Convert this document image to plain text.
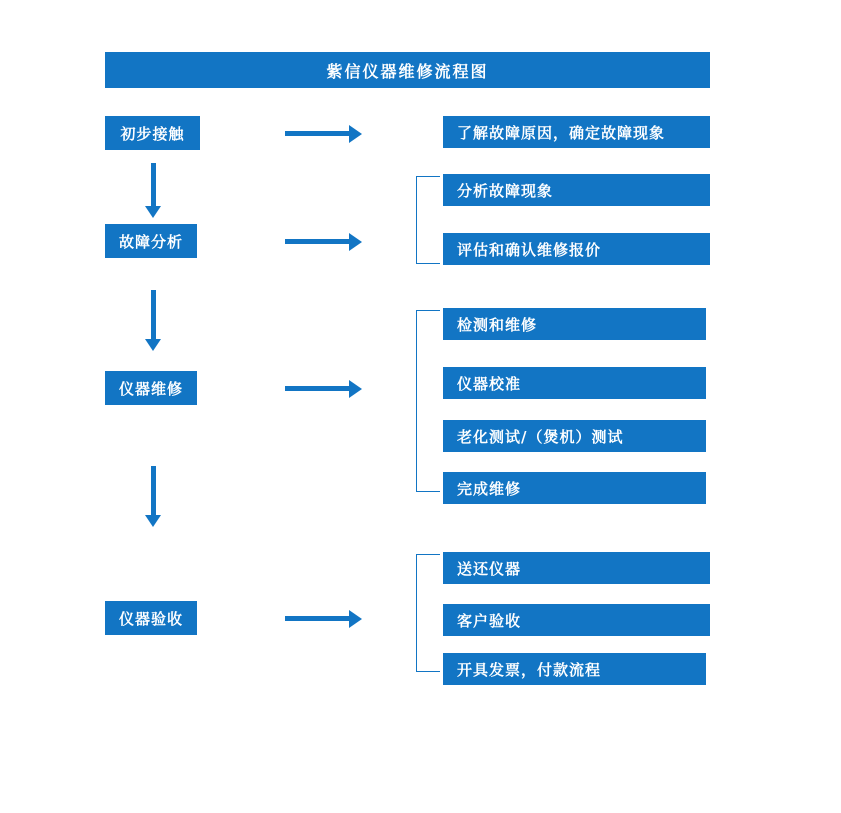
紫信仪器维修流程图
初步接触	了解故障原因，确定故障现象
故障分析
分析故障现象
评估和确认维修报价
仪器维修
检测和维修
仪器校准
老化测试/（煲机）测试
完成维修
仪器验收
送还仪器
客户验收
开具发票，付款流程
